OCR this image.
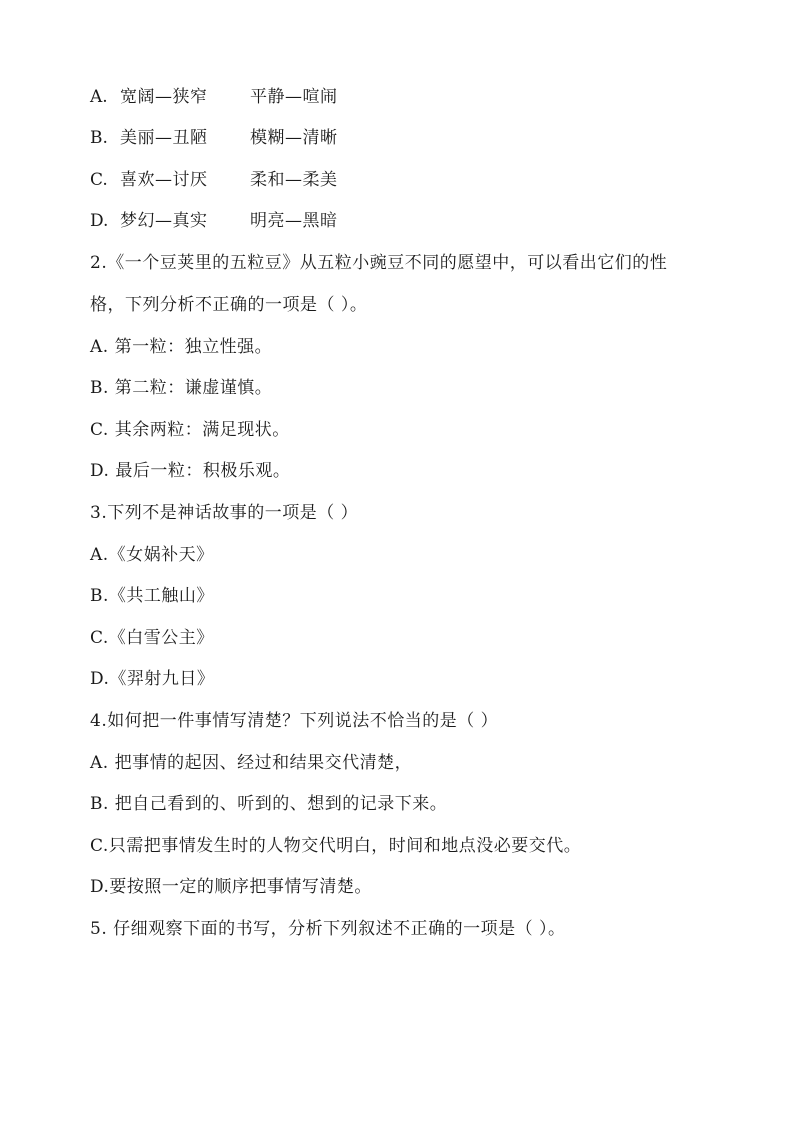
A. 宽阔—狭窄	平静—喧闹
B. 美丽—丑陋	模糊—清晰
C. 喜欢—讨厌	柔和—柔美
D. 梦幻—真实	明亮—黑暗
2.《一个豆荚里的五粒豆》从五粒小豌豆不同的愿望中，可以看出它们的性
格，下列分析不正确的一项是（ ）。
A. 第一粒：独立性强。
B. 第二粒：谦虚谨慎。
C. 其余两粒：满足现状。
D. 最后一粒：积极乐观。
3.下列不是神话故事的一项是（ ）
A.《女娲补天》
B.《共工触山》
C.《白雪公主》
D.《羿射九日》
4.如何把一件事情写清楚？下列说法不恰当的是（ ）
A. 把事情的起因、经过和结果交代清楚，
B. 把自己看到的、听到的、想到的记录下来。
C.只需把事情发生时的人物交代明白，时间和地点没必要交代。
D.要按照一定的顺序把事情写清楚。
5. 仔细观察下面的书写，分析下列叙述不正确的一项是（ ）。
